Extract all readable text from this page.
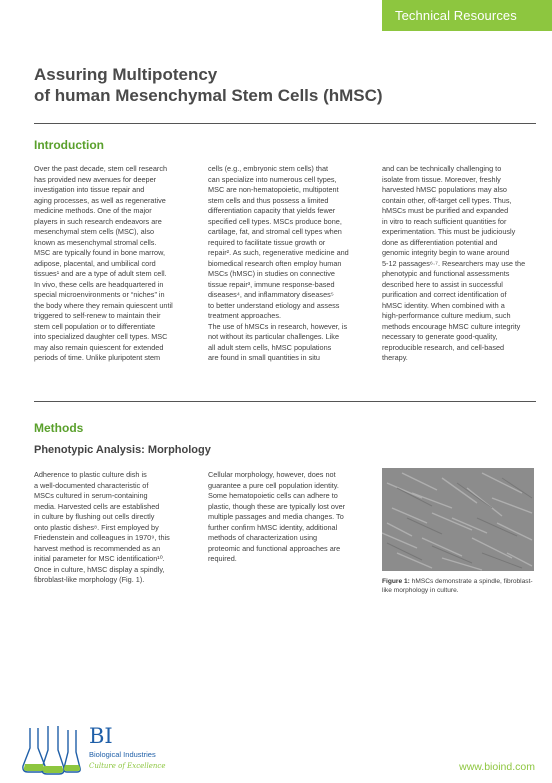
Technical Resources
Assuring Multipotency
of human Mesenchymal Stem Cells (hMSC)
Introduction

Over the past decade, stem cell research
has provided new avenues for deeper
investigation into tissue repair and
aging processes, as well as regenerative
medicine methods. One of the major
players in such research endeavors are
mesenchymal stem cells (MSC), also
known as mesenchymal stromal cells.
MSC are typically found in bone marrow,
adipose, placental, and umbilical cord
tissues¹ and are a type of adult stem cell.
In vivo, these cells are headquartered in
special microenvironments or “niches” in
the body where they remain quiescent until
triggered to self-renew to maintain their
stem cell population or to differentiate
into specialized daughter cell types. MSC
may also remain quiescent for extended
periods of time. Unlike pluripotent stem

cells (e.g., embryonic stem cells) that
can specialize into numerous cell types,
MSC are non-hematopoietic, multipotent
stem cells and thus possess a limited
differentiation capacity that yields fewer
specified cell types. MSCs produce bone,
cartilage, fat, and stromal cell types when
required to facilitate tissue growth or
repair². As such, regenerative medicine and
biomedical research often employ human
MSCs (hMSC) in studies on connective
tissue repair³, immune response-based
diseases⁴, and inflammatory diseases⁵
to better understand etiology and assess
treatment approaches.
The use of hMSCs in research, however, is
not without its particular challenges. Like
all adult stem cells, hMSC populations
are found in small quantities in situ

and can be technically challenging to
isolate from tissue. Moreover, freshly
harvested hMSC populations may also
contain other, off-target cell types. Thus,
hMSCs must be purified and expanded
in vitro to reach sufficient quantities for
experimentation. This must be judiciously
done as differentiation potential and
genomic integrity begin to wane around
5-12 passages⁶·⁷. Researchers may use the
phenotypic and functional assessments
described here to assist in successful
purification and correct identification of
hMSC identity. When combined with a
high-performance culture medium, such
methods encourage hMSC culture integrity
necessary to generate good-quality,
reproducible research, and cell-based
therapy.

Methods
Phenotypic Analysis: Morphology

Adherence to plastic culture dish is
a well-documented characteristic of
MSCs cultured in serum-containing
media. Harvested cells are established
in culture by flushing out cells directly
onto plastic dishes⁸. First employed by
Friedenstein and colleagues in 1970⁹, this
harvest method is recommended as an
initial parameter for MSC identification¹⁰.
Once in culture, hMSC display a spindly,
fibroblast-like morphology (Fig. 1).

Cellular morphology, however, does not
guarantee a pure cell population identity.
Some hematopoietic cells can adhere to
plastic, though these are typically lost over
multiple passages and media changes. To
further confirm hMSC identity, additional
methods of characterization using
proteomic and functional approaches are
required.

Figure 1: hMSCs demonstrate a spindle, fibroblast-like morphology in culture.
BI
Biological Industries
Culture of Excellence	www.bioind.com
